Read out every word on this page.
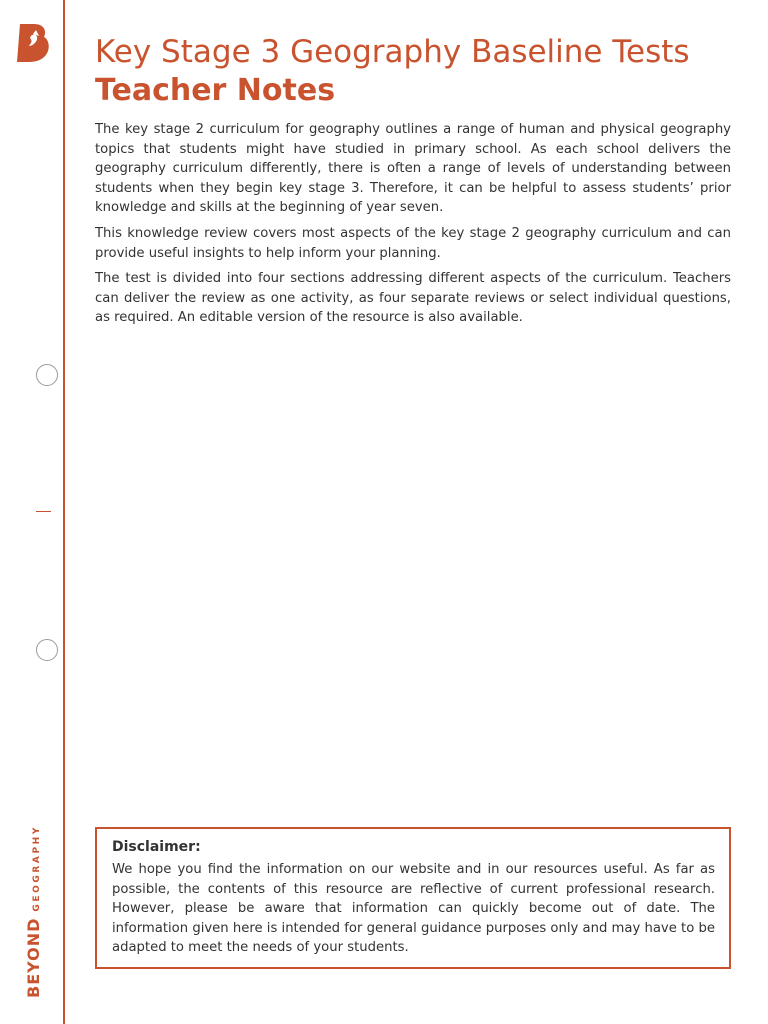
BEYONDGEOGRAPHY
Key Stage 3 Geography Baseline Tests
Teacher Notes

The key stage 2 curriculum for geography outlines a range of human and physical geography topics that students might have studied in primary school. As each school delivers the geography curriculum differently, there is often a range of levels of understanding between students when they begin key stage 3. Therefore, it can be helpful to assess students’ prior knowledge and skills at the beginning of year seven.

This knowledge review covers most aspects of the key stage 2 geography curriculum and can provide useful insights to help inform your planning.

The test is divided into four sections addressing different aspects of the curriculum. Teachers can deliver the review as one activity, as four separate reviews or select individual questions, as required. An editable version of the resource is also available.

Disclaimer:

We hope you find the information on our website and in our resources useful. As far as possible, the contents of this resource are reflective of current professional research. However, please be aware that information can quickly become out of date. The information given here is intended for general guidance purposes only and may have to be adapted to meet the needs of your students.
